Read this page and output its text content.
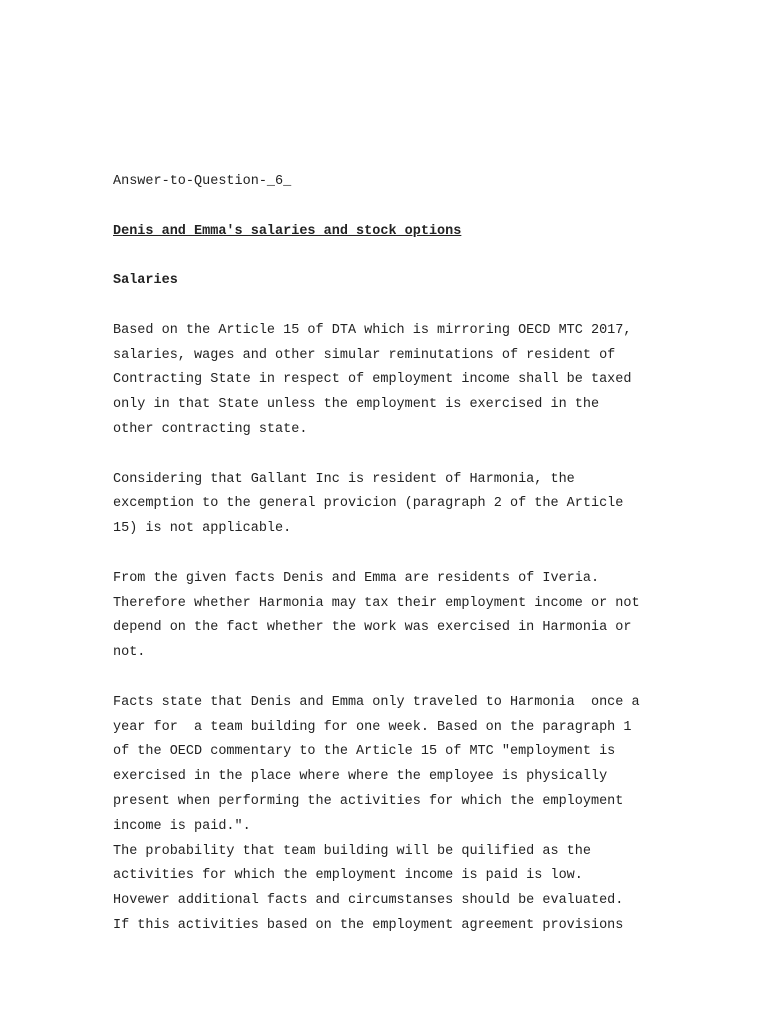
Answer-to-Question-_6_
Denis and Emma's salaries and stock options
Salaries
Based on the Article 15 of DTA which is mirroring OECD MTC 2017,
salaries, wages and other simular reminutations of resident of
Contracting State in respect of employment income shall be taxed
only in that State unless the employment is exercised in the
other contracting state.
Considering that Gallant Inc is resident of Harmonia, the
excemption to the general provicion (paragraph 2 of the Article
15) is not applicable.
From the given facts Denis and Emma are residents of Iveria.
Therefore whether Harmonia may tax their employment income or not
depend on the fact whether the work was exercised in Harmonia or
not.
Facts state that Denis and Emma only traveled to Harmonia  once a
year for  a team building for one week. Based on the paragraph 1
of the OECD commentary to the Article 15 of MTC "employment is
exercised in the place where where the employee is physically
present when performing the activities for which the employment
income is paid.".
The probability that team building will be quilified as the
activities for which the employment income is paid is low.
Hovewer additional facts and circumstanses should be evaluated.
If this activities based on the employment agreement provisions
